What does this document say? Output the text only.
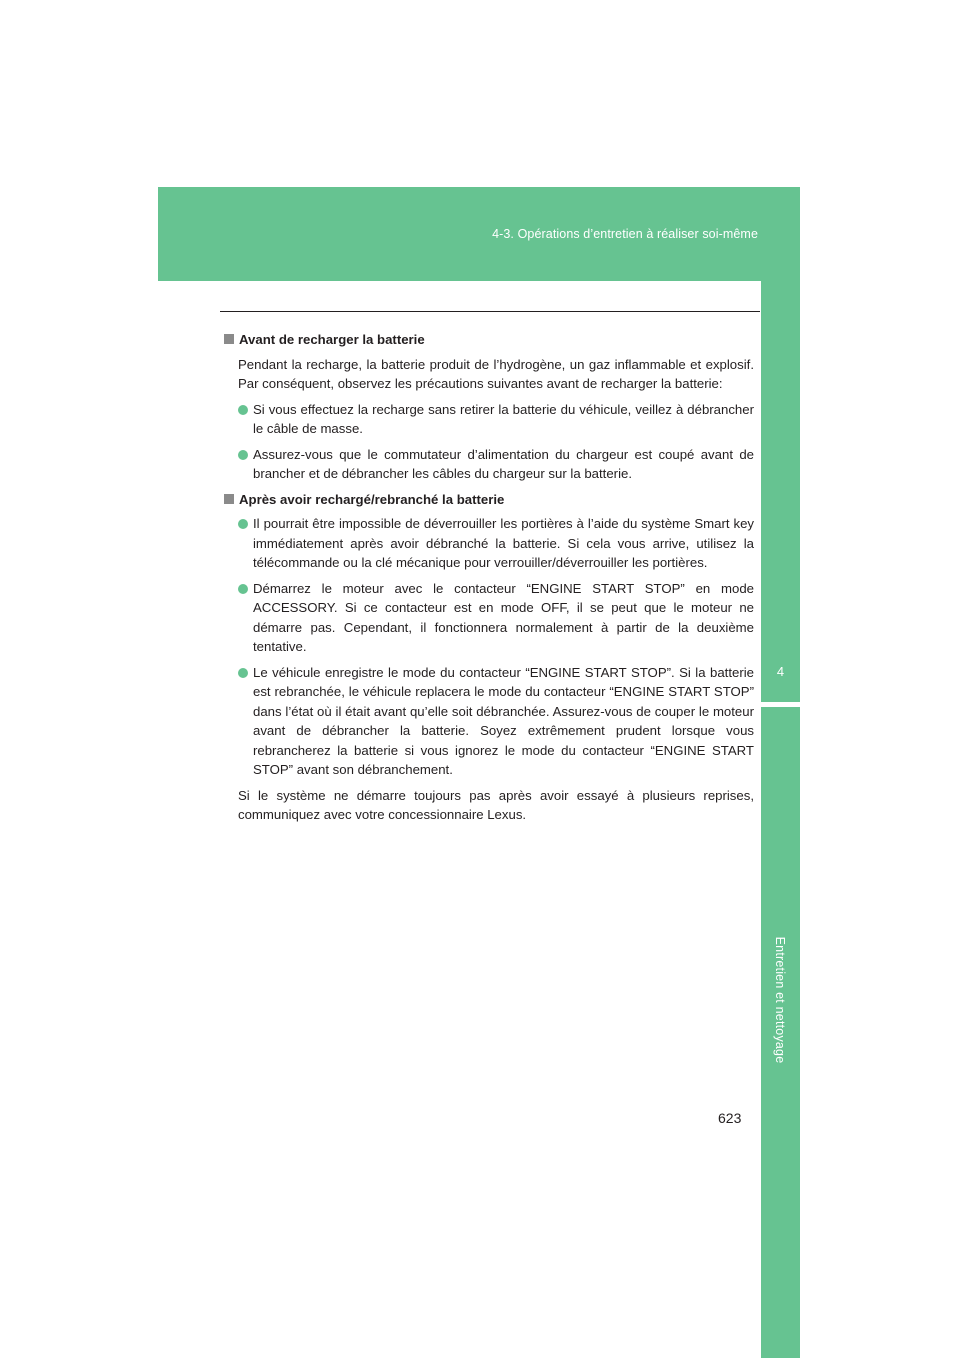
4-3. Opérations d’entretien à réaliser soi-même
4
Entretien et nettoyage
Avant de recharger la batterie

Pendant la recharge, la batterie produit de l’hydrogène, un gaz inflammable et explosif. Par conséquent, observez les précautions suivantes avant de recharger la batterie:

Si vous effectuez la recharge sans retirer la batterie du véhicule, veillez à débrancher le câble de masse.
Assurez-vous que le commutateur d’alimentation du chargeur est coupé avant de brancher et de débrancher les câbles du chargeur sur la batterie.
Après avoir rechargé/rebranché la batterie
Il pourrait être impossible de déverrouiller les portières à l’aide du système Smart key immédiatement après avoir débranché la batterie. Si cela vous arrive, utilisez la télécommande ou la clé mécanique pour verrouiller/déverrouiller les portières.
Démarrez le moteur avec le contacteur “ENGINE START STOP” en mode ACCESSORY. Si ce contacteur est en mode OFF, il se peut que le moteur ne démarre pas. Cependant, il fonctionnera normalement à partir de la deuxième tentative.
Le véhicule enregistre le mode du contacteur “ENGINE START STOP”. Si la batterie est rebranchée, le véhicule replacera le mode du contacteur “ENGINE START STOP” dans l’état où il était avant qu’elle soit débranchée. Assurez-vous de couper le moteur avant de débrancher la batterie. Soyez extrêmement prudent lorsque vous rebrancherez la batterie si vous ignorez le mode du contacteur “ENGINE START STOP” avant son débranchement.

Si le système ne démarre toujours pas après avoir essayé à plusieurs reprises, communiquez avec votre concessionnaire Lexus.

623
